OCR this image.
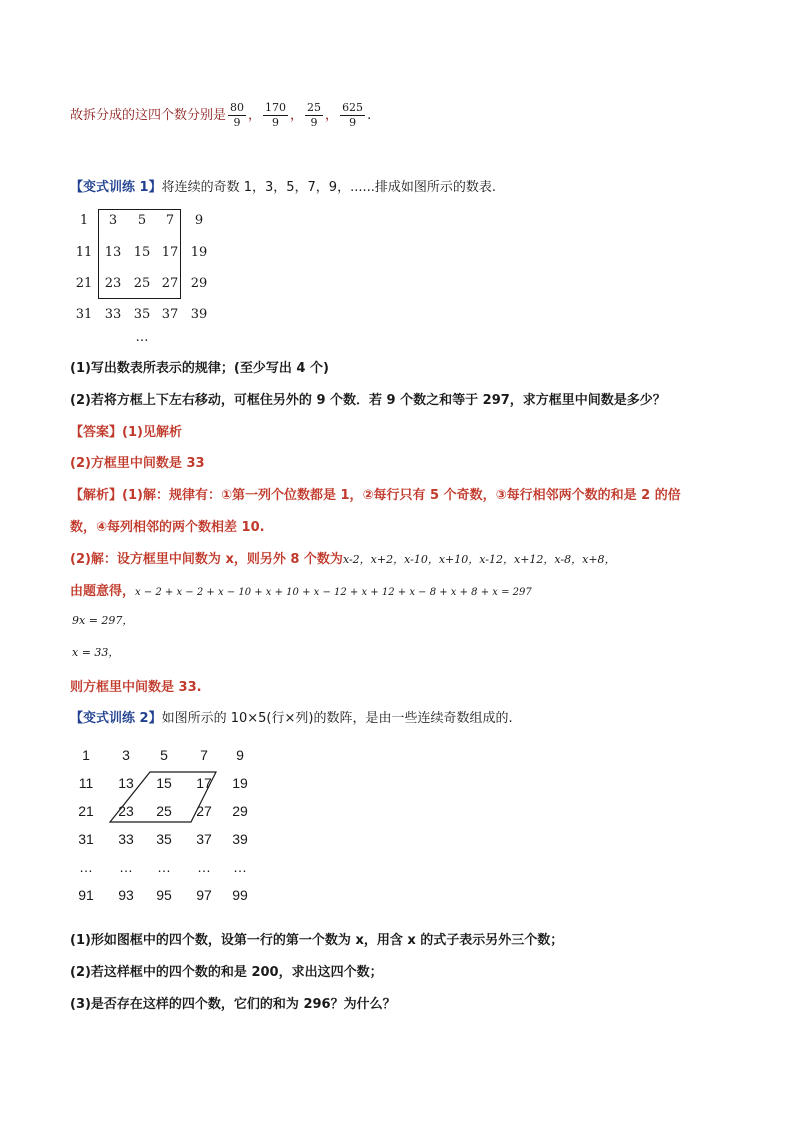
故拆分成的这四个数分别是 $\frac{80}{9}$ ， $\frac{170}{9}$ ， $\frac{25}{9}$ ， $\frac{625}{9}$ .
【变式训练 1】将连续的奇数 1，3，5，7，9，......排成如图所示的数表.
1	3	5	7	9
11 13 15 17 19
21 23 25 27 29
31 33 35 37 39
…
(1)写出数表所表示的规律；(至少写出 4 个)
(2)若将方框上下左右移动，可框住另外的 9 个数．若 9 个数之和等于 297，求方框里中间数是多少？
【答案】(1)见解析
(2)方框里中间数是 33
【解析】(1)解：规律有：①第一列个位数都是 1，②每行只有 5 个奇数，③每行相邻两个数的和是 2 的倍
数，④每列相邻的两个数相差 10.
(2)解：设方框里中间数为 x，则另外 8 个数为x-2，x+2，x-10，x+10，x-12，x+12，x-8，x+8，
由题意得，x − 2 + x − 2 + x − 10 + x + 10 + x − 12 + x + 12 + x − 8 + x + 8 + x = 297
9x = 297，
x = 33，
则方框里中间数是 33.
【变式训练 2】如图所示的 10×5(行×列)的数阵，是由一些连续奇数组成的.
1	3	5	7	9
11	13	15	17	19
21	23	25	27	29
31	33	35	37	39
…	…	…	…	…
91	93	95	97	99
(1)形如图框中的四个数，设第一行的第一个数为 x，用含 x 的式子表示另外三个数；
(2)若这样框中的四个数的和是 200，求出这四个数；
(3)是否存在这样的四个数，它们的和为 296？为什么？
